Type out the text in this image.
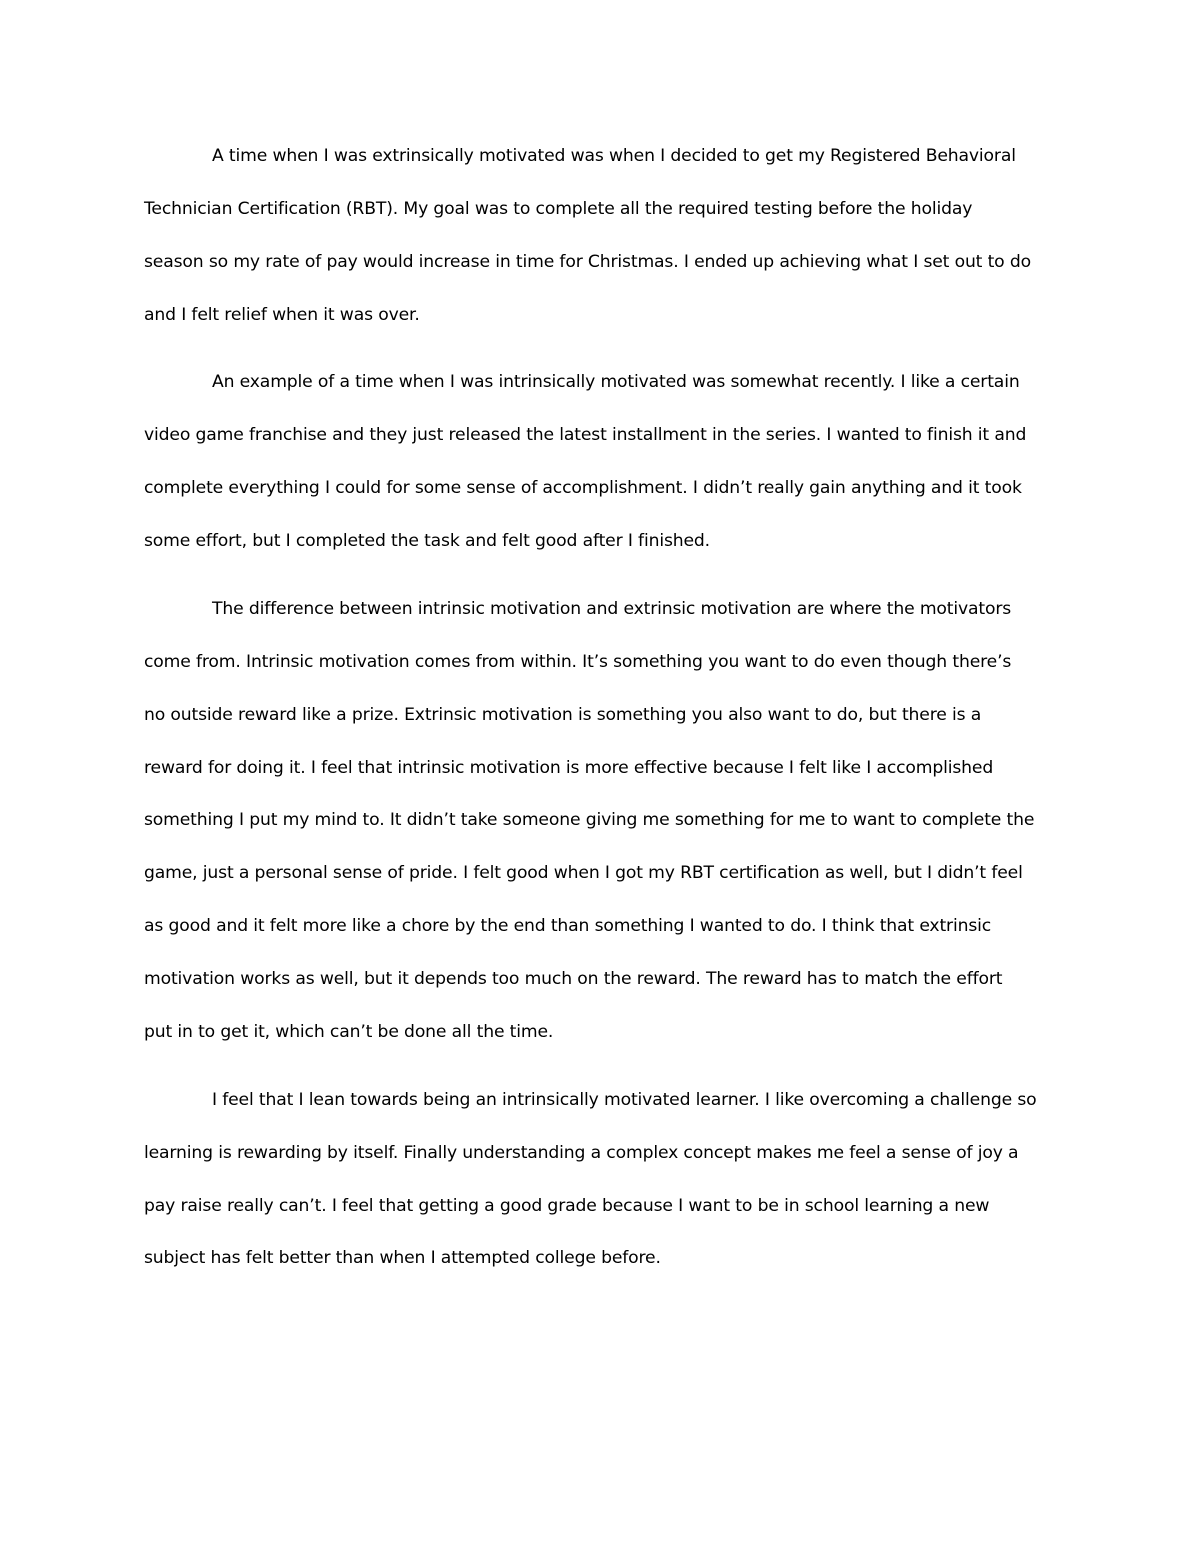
A time when I was extrinsically motivated was when I decided to get my Registered Behavioral
Technician Certification (RBT). My goal was to complete all the required testing before the holiday
season so my rate of pay would increase in time for Christmas. I ended up achieving what I set out to do
and I felt relief when it was over.
An example of a time when I was intrinsically motivated was somewhat recently. I like a certain
video game franchise and they just released the latest installment in the series. I wanted to finish it and
complete everything I could for some sense of accomplishment. I didn’t really gain anything and it took
some effort, but I completed the task and felt good after I finished.
The difference between intrinsic motivation and extrinsic motivation are where the motivators
come from. Intrinsic motivation comes from within. It’s something you want to do even though there’s
no outside reward like a prize. Extrinsic motivation is something you also want to do, but there is a
reward for doing it. I feel that intrinsic motivation is more effective because I felt like I accomplished
something I put my mind to. It didn’t take someone giving me something for me to want to complete the
game, just a personal sense of pride. I felt good when I got my RBT certification as well, but I didn’t feel
as good and it felt more like a chore by the end than something I wanted to do. I think that extrinsic
motivation works as well, but it depends too much on the reward. The reward has to match the effort
put in to get it, which can’t be done all the time.
I feel that I lean towards being an intrinsically motivated learner. I like overcoming a challenge so
learning is rewarding by itself. Finally understanding a complex concept makes me feel a sense of joy a
pay raise really can’t. I feel that getting a good grade because I want to be in school learning a new
subject has felt better than when I attempted college before.
